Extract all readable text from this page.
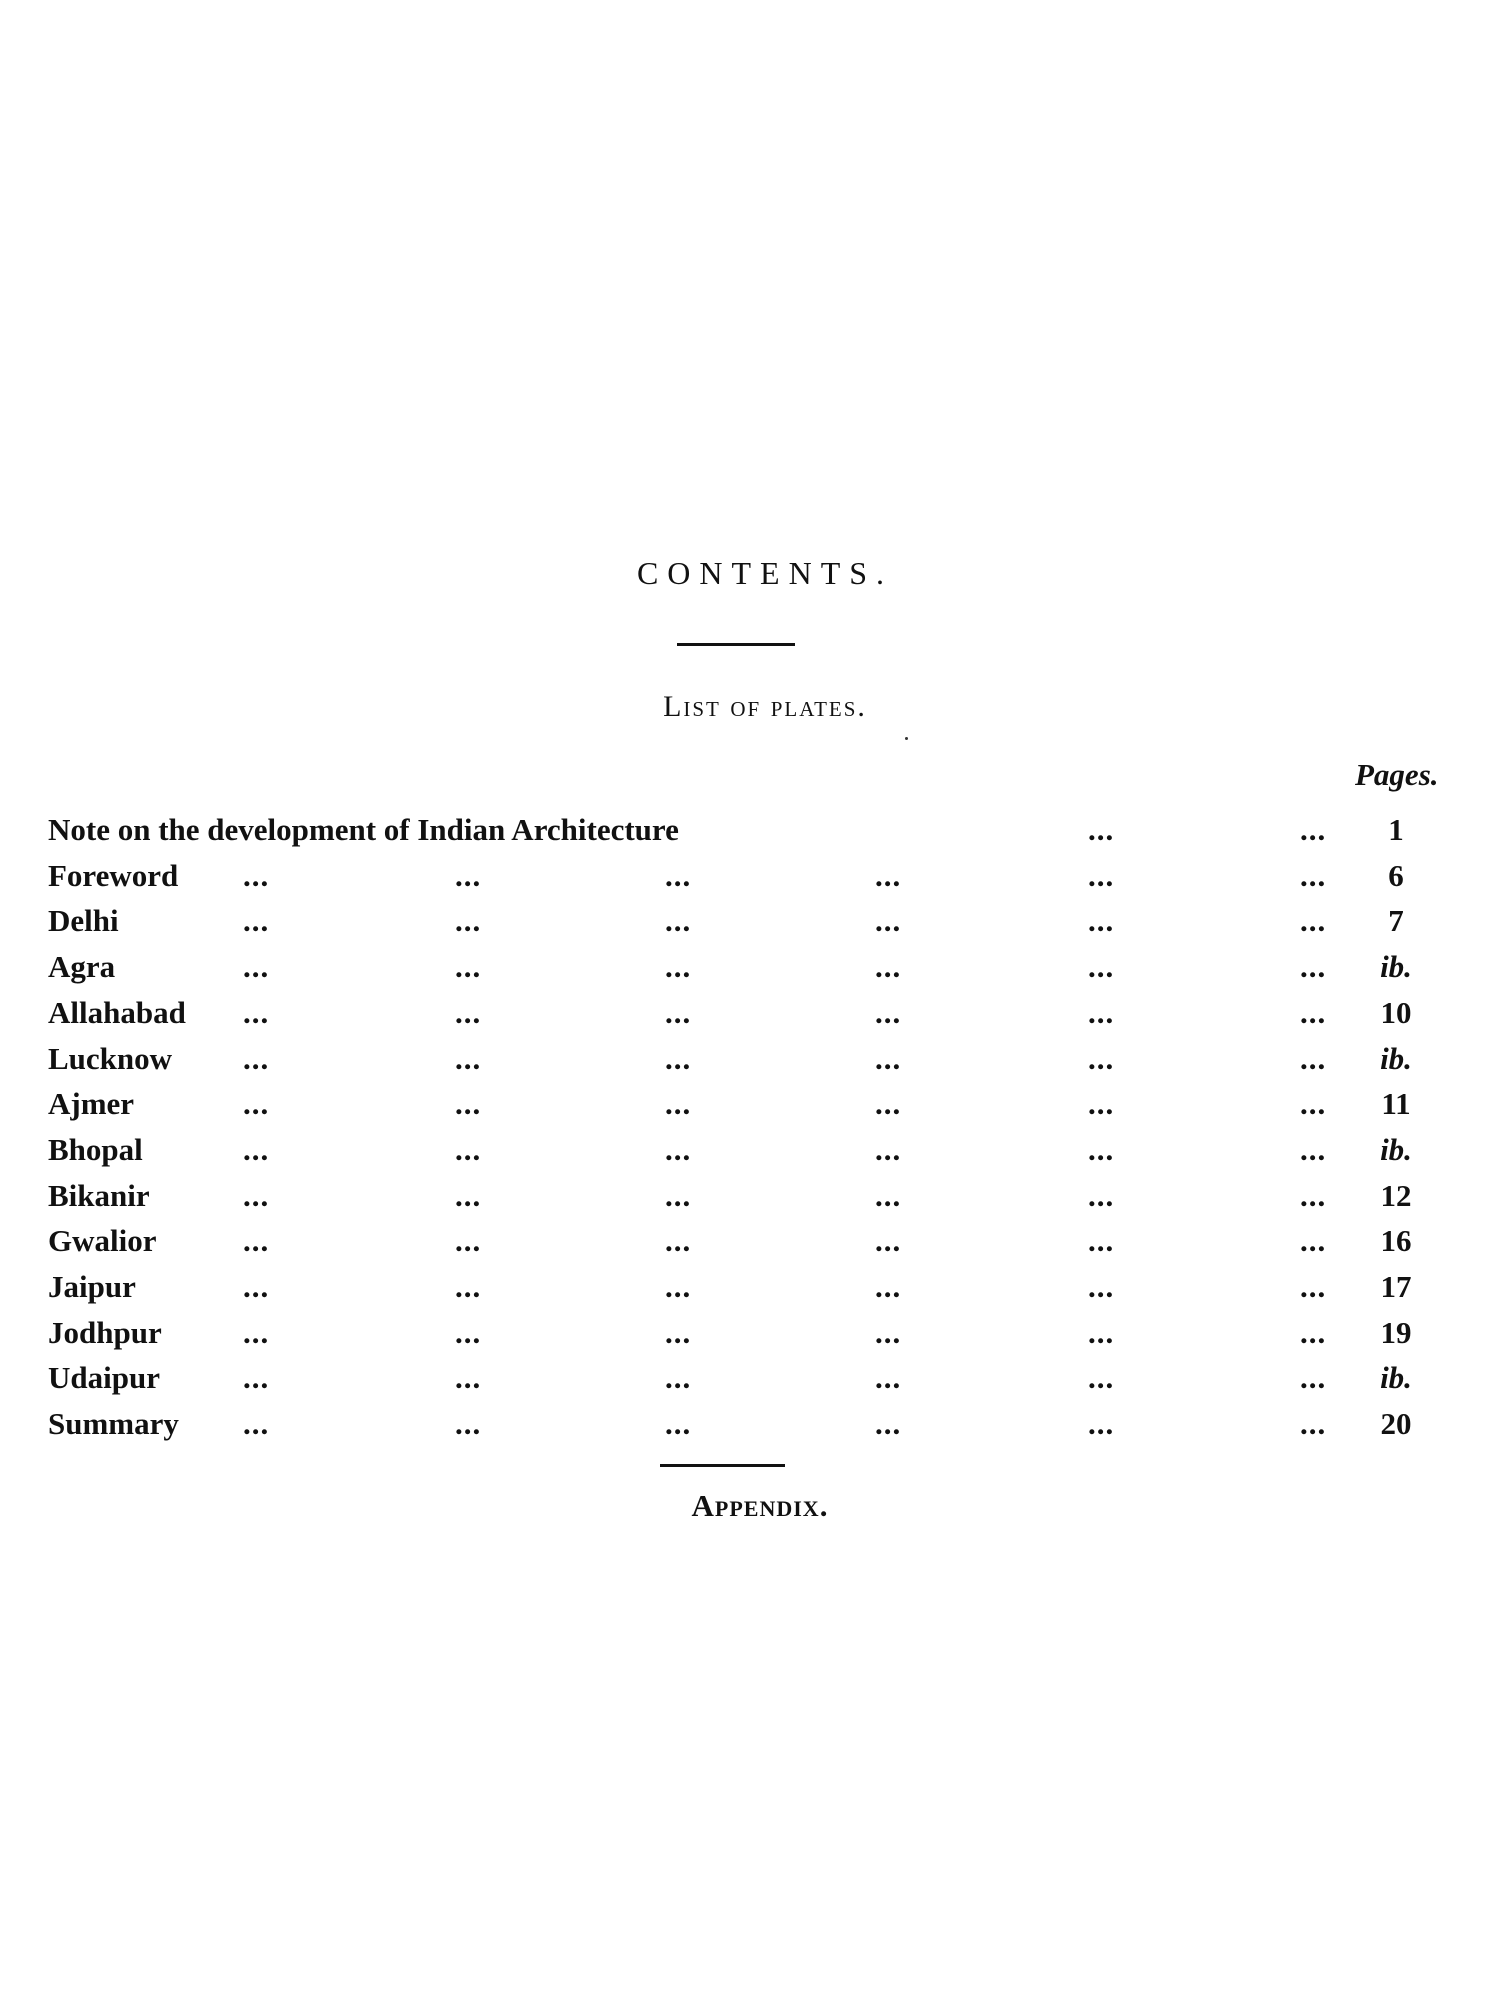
CONTENTS.
List of plates.
Pages.
Note on the development of Indian Architecture	...	...	1
Foreword ...	...	...	...	...	...	6
Delhi	...	...	...	...	...	...	7
Agra	...	...	...	...	...	...	ib.
Allahabad ...	...	...	...	...	...	10
Lucknow ...	...	...	...	...	...	ib.
Ajmer	...	...	...	...	...	...	11
Bhopal	...	...	...	...	...	...	ib.
Bikanir	...	...	...	...	...	...	12
Gwalior	...	...	...	...	...	...	16
Jaipur	...	...	...	...	...	...	17
Jodhpur	...	...	...	...	...	...	19
Udaipur	...	...	...	...	...	...	ib.
Summary ...	...	...	...	...	...	20
Appendix.
